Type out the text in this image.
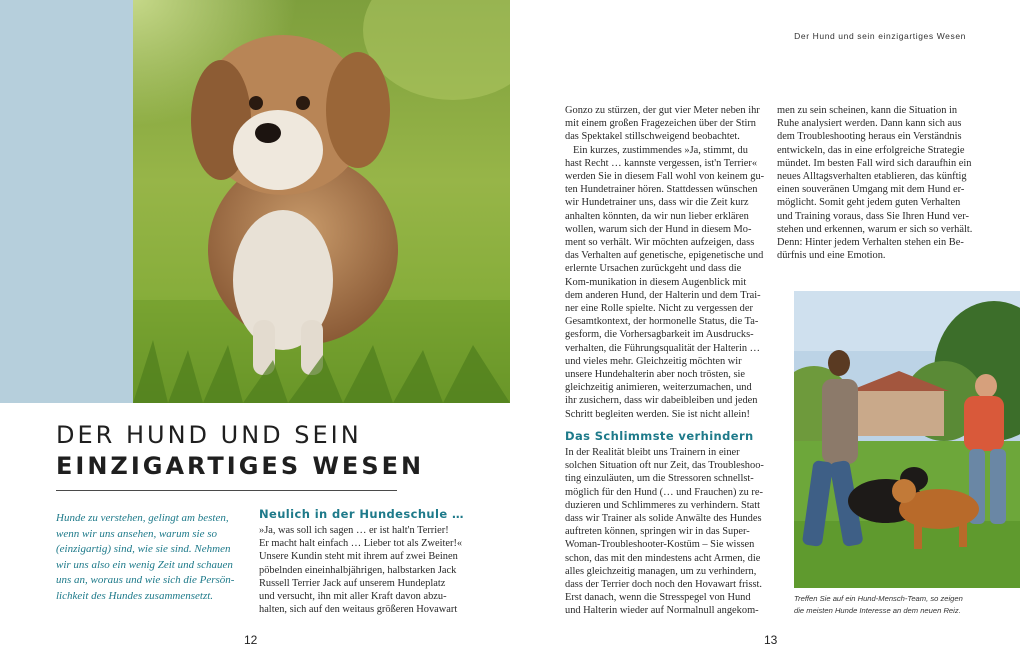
Der Hund und sein einzigartiges Wesen
DER HUND UND SEIN
EINZIGARTIGES WESEN
Hunde zu verstehen, gelingt am besten,
wenn wir uns ansehen, warum sie so
(einzigartig) sind, wie sie sind. Nehmen
wir uns also ein wenig Zeit und schauen
uns an, woraus und wie sich die Persön-
lichkeit des Hundes zusammensetzt.
Neulich in der Hundeschule …
»Ja, was soll ich sagen … er ist halt'n Terrier!
Er macht halt einfach … Lieber tot als Zweiter!«
Unsere Kundin steht mit ihrem auf zwei Beinen
pöbelnden eineinhalbjährigen, halbstarken Jack
Russell Terrier Jack auf unserem Hundeplatz
und versucht, ihn mit aller Kraft davon abzu-
halten, sich auf den weitaus größeren Hovawart
Gonzo zu stürzen, der gut vier Meter neben ihr
mit einem großen Fragezeichen über der Stirn
das Spektakel stillschweigend beobachtet.
Ein kurzes, zustimmendes »Ja, stimmt, du
hast Recht … kannste vergessen, ist'n Terrier«
werden Sie in diesem Fall wohl von keinem gu-
ten Hundetrainer hören. Stattdessen wünschen
wir Hundetrainer uns, dass wir die Zeit kurz
anhalten könnten, da wir nun lieber erklären
wollen, warum sich der Hund in diesem Mo-
ment so verhält. Wir möchten aufzeigen, dass
das Verhalten auf genetische, epigenetische und
erlernte Ursachen zurückgeht und dass die
Kom-munikation in diesem Augenblick mit
dem anderen Hund, der Halterin und dem Trai-
ner eine Rolle spielte. Nicht zu vergessen der
Gesamtkontext, der hormonelle Status, die Ta-
gesform, die Vorhersagbarkeit im Ausdrucks-
verhalten, die Führungsqualität der Halterin …
und vieles mehr. Gleichzeitig möchten wir
unsere Hundehalterin aber noch trösten, sie
gleichzeitig animieren, weiterzumachen, und
ihr zusichern, dass wir dabeibleiben und jeden
Schritt begleiten werden. Sie ist nicht allein!
Das Schlimmste verhindern
In der Realität bleibt uns Trainern in einer
solchen Situation oft nur Zeit, das Troubleshoo-
ting einzuläuten, um die Stressoren schnellst-
möglich für den Hund (… und Frauchen) zu re-
duzieren und Schlimmeres zu verhindern. Statt
dass wir Trainer als solide Anwälte des Hundes
auftreten können, springen wir in das Super-
Woman-Troubleshooter-Kostüm – Sie wissen
schon, das mit den mindestens acht Armen, die
alles gleichzeitig managen, um zu verhindern,
dass der Terrier doch noch den Hovawart frisst.
Erst danach, wenn die Stresspegel von Hund
und Halterin wieder auf Normalnull angekom-
men zu sein scheinen, kann die Situation in
Ruhe analysiert werden. Dann kann sich aus
dem Troubleshooting heraus ein Verständnis
entwickeln, das in eine erfolgreiche Strategie
mündet. Im besten Fall wird sich daraufhin ein
neues Alltagsverhalten etablieren, das künftig
einen souveränen Umgang mit dem Hund er-
möglicht. Somit geht jedem guten Verhalten
und Training voraus, dass Sie Ihren Hund ver-
stehen und erkennen, warum er sich so verhält.
Denn: Hinter jedem Verhalten stehen ein Be-
dürfnis und eine Emotion.
Treffen Sie auf ein Hund-Mensch-Team, so zeigen
die meisten Hunde Interesse an dem neuen Reiz.
12	13
